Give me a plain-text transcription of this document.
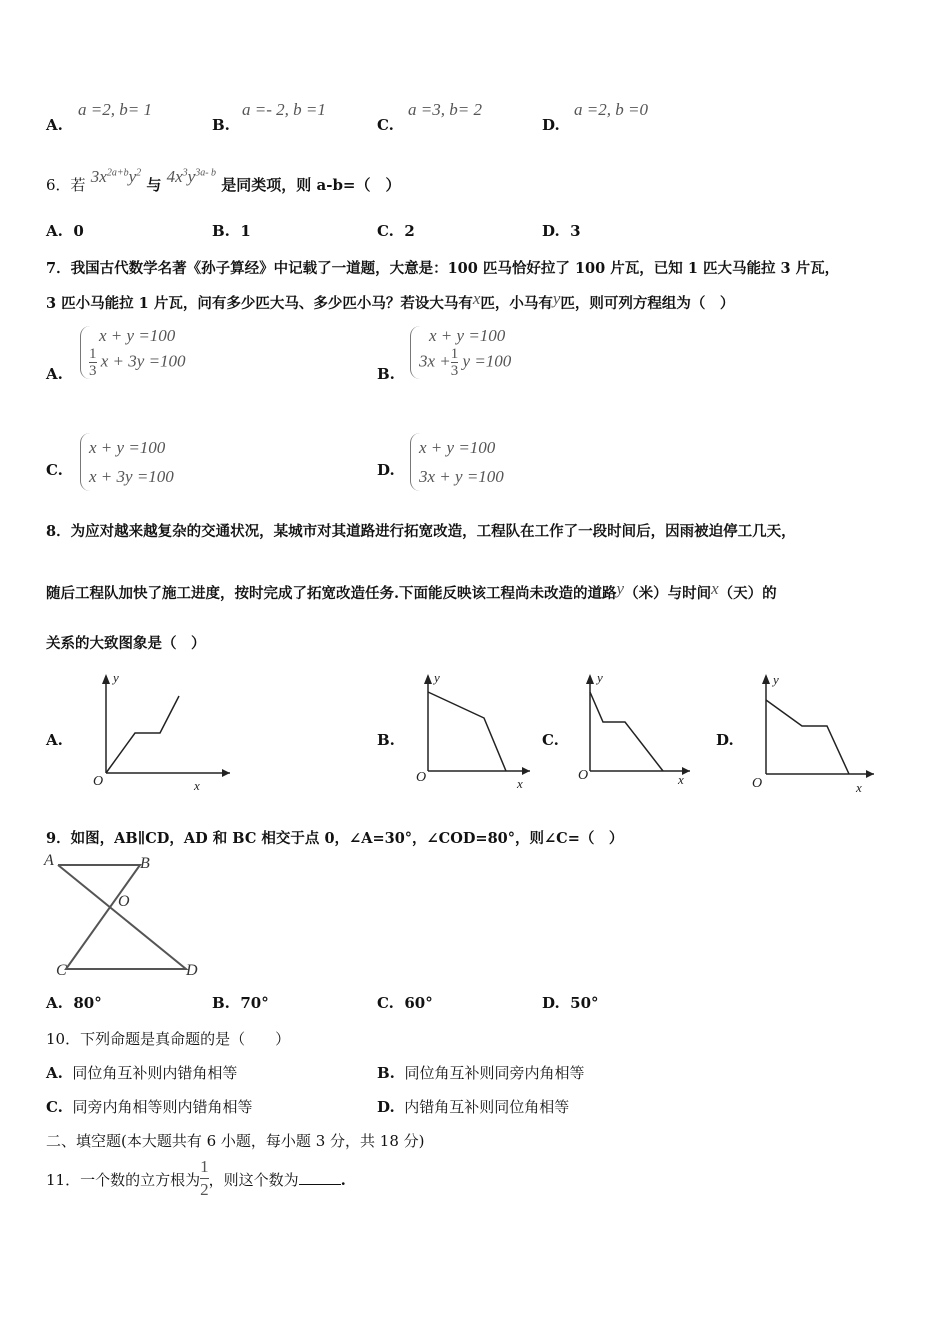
A.
a =2, b= 1
B.
a =- 2, b =1
C.
a =3, b= 2
D.
a =2, b =0
6．若 $3x^{2a+b}y^2$ 与 $4x^3y^{3a- b}$ 是同类项，则 a-b=（　）
A. 0	B. 1	C. 2	D. 3
7．我国古代数学名著《孙子算经》中记载了一道题，大意是：100 匹马恰好拉了 100 片瓦，已知 1 匹大马能拉 3 片瓦，
3 匹小马能拉 1 片瓦，问有多少匹大马、多少匹小马？若设大马有x匹，小马有y匹，则可列方程组为（　）
A.
x + y =100
$\frac{1}{3}$ x + 3y =100
B.
x + y =100
$3x + \frac{1}{3}$ y =100
C.
x + y =100
x + 3y =100	D.
x + y =100
3x + y =100
8．为应对越来越复杂的交通状况，某城市对其道路进行拓宽改造，工程队在工作了一段时间后，因雨被迫停工几天，
随后工程队加快了施工进度，按时完成了拓宽改造任务.下面能反映该工程尚未改造的道路y（米）与时间x（天）的
关系的大致图象是（　）
A.	B.	C.	D.
y
x
O
y
x
O
y
x
O
y
x
O
9．如图，AB∥CD，AD 和 BC 相交于点 0，∠A=30°，∠COD=80°，则∠C=（　）
A	B
O
C	D
A. 80°	B. 70°	C. 60°	D. 50°
10．下列命题是真命题的是（　　）
A. 同位角互补则内错角相等	B. 同位角互补则同旁内角相等
C. 同旁内角相等则内错角相等	D. 内错角互补则同位角相等
二、填空题(本大题共有 6 小题，每小题 3 分，共 18 分)
11．一个数的立方根为 $\frac{1}{2}$ ，则这个数为	.
